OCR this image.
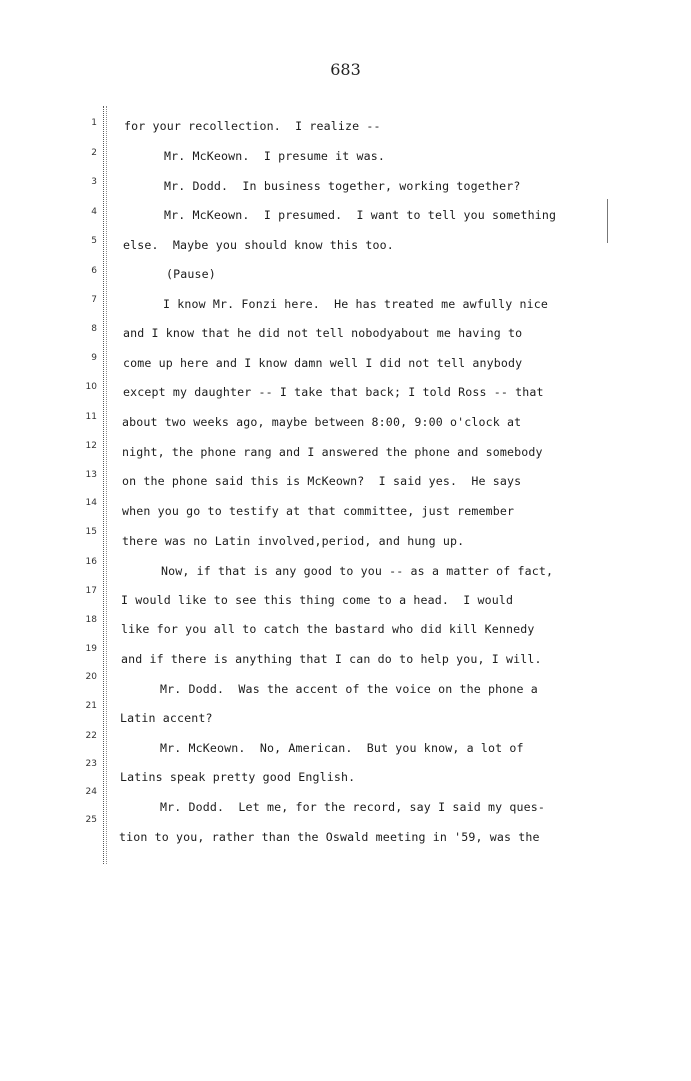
683
1
2
3
4
5
6
7
8
9
10
11
12
13
14
15
16
17
18
19
20
21
22
23
24
25
for your recollection.  I realize --
Mr. McKeown.  I presume it was.
Mr. Dodd.  In business together, working together?
Mr. McKeown.  I presumed.  I want to tell you something
else.  Maybe you should know this too.
(Pause)
I know Mr. Fonzi here.  He has treated me awfully nice
and I know that he did not tell nobodyabout me having to
come up here and I know damn well I did not tell anybody
except my daughter -- I take that back; I told Ross -- that
about two weeks ago, maybe between 8:00, 9:00 o'clock at
night, the phone rang and I answered the phone and somebody
on the phone said this is McKeown?  I said yes.  He says
when you go to testify at that committee, just remember
there was no Latin involved,period, and hung up.
Now, if that is any good to you -- as a matter of fact,
I would like to see this thing come to a head.  I would
like for you all to catch the bastard who did kill Kennedy
and if there is anything that I can do to help you, I will.
Mr. Dodd.  Was the accent of the voice on the phone a
Latin accent?
Mr. McKeown.  No, American.  But you know, a lot of
Latins speak pretty good English.
Mr. Dodd.  Let me, for the record, say I said my ques-
tion to you, rather than the Oswald meeting in '59, was the
